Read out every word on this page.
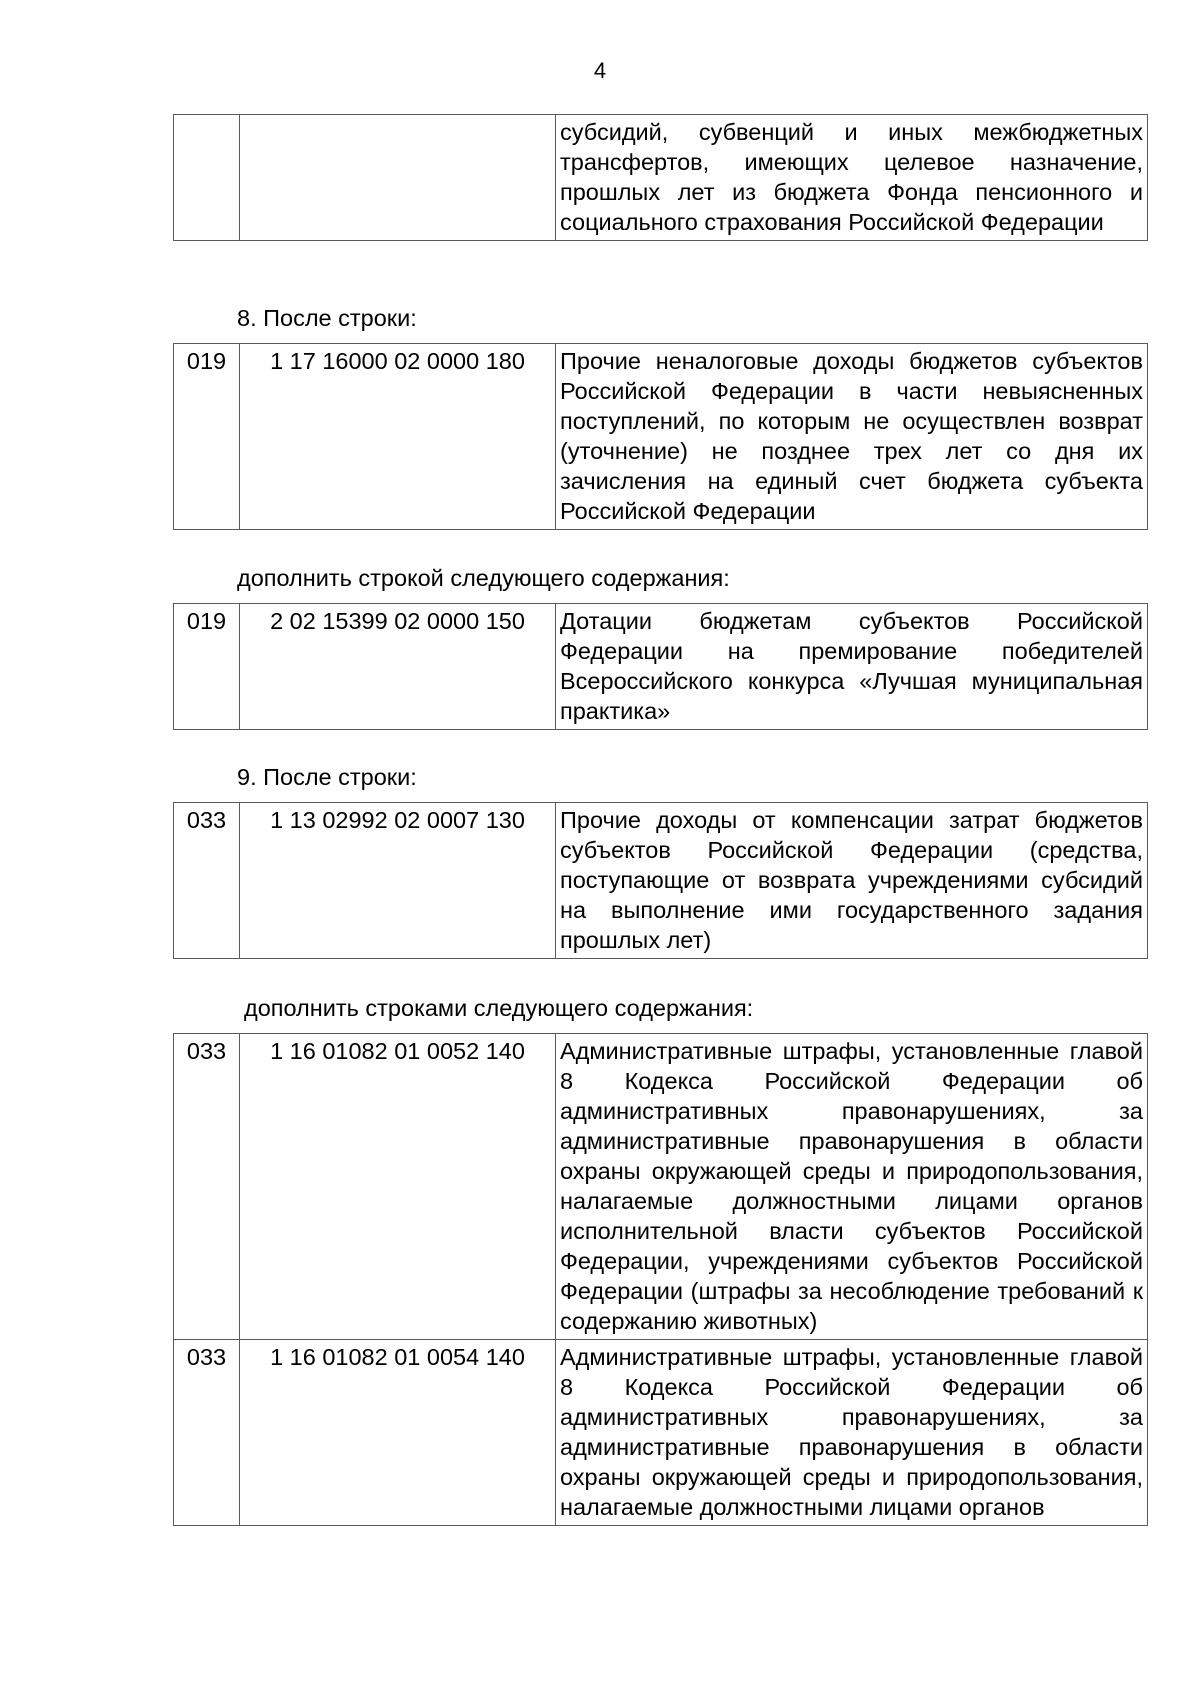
4
		субсидий, субвенций и иных межбюджетных трансфертов, имеющих целевое назначение, прошлых лет из бюджета Фонда пенсионного и социального страхования Российской Федерации
8. После строки:
019	1 17 16000 02 0000 180	Прочие неналоговые доходы бюджетов субъектов Российской Федерации в части невыясненных поступлений, по которым не осуществлен возврат (уточнение) не позднее трех лет со дня их зачисления на единый счет бюджета субъекта Российской Федерации
дополнить строкой следующего содержания:
019	2 02 15399 02 0000 150	Дотации бюджетам субъектов Российской Федерации на премирование победителей Всероссийского конкурса «Лучшая муниципальная практика»
9. После строки:
033	1 13 02992 02 0007 130	Прочие доходы от компенсации затрат бюджетов субъектов Российской Федерации (средства, поступающие от возврата учреждениями субсидий на выполнение ими государственного задания прошлых лет)
дополнить строками следующего содержания:
033	1 16 01082 01 0052 140	Административные штрафы, установленные главой 8 Кодекса Российской Федерации об административных правонарушениях, за административные правонарушения в области охраны окружающей среды и природопользования, налагаемые должностными лицами органов исполнительной власти субъектов Российской Федерации, учреждениями субъектов Российской Федерации (штрафы за несоблюдение требований к содержанию животных)
033	1 16 01082 01 0054 140	Административные штрафы, установленные главой 8 Кодекса Российской Федерации об административных правонарушениях, за административные правонарушения в области охраны окружающей среды и природопользования, налагаемые должностными лицами органов
